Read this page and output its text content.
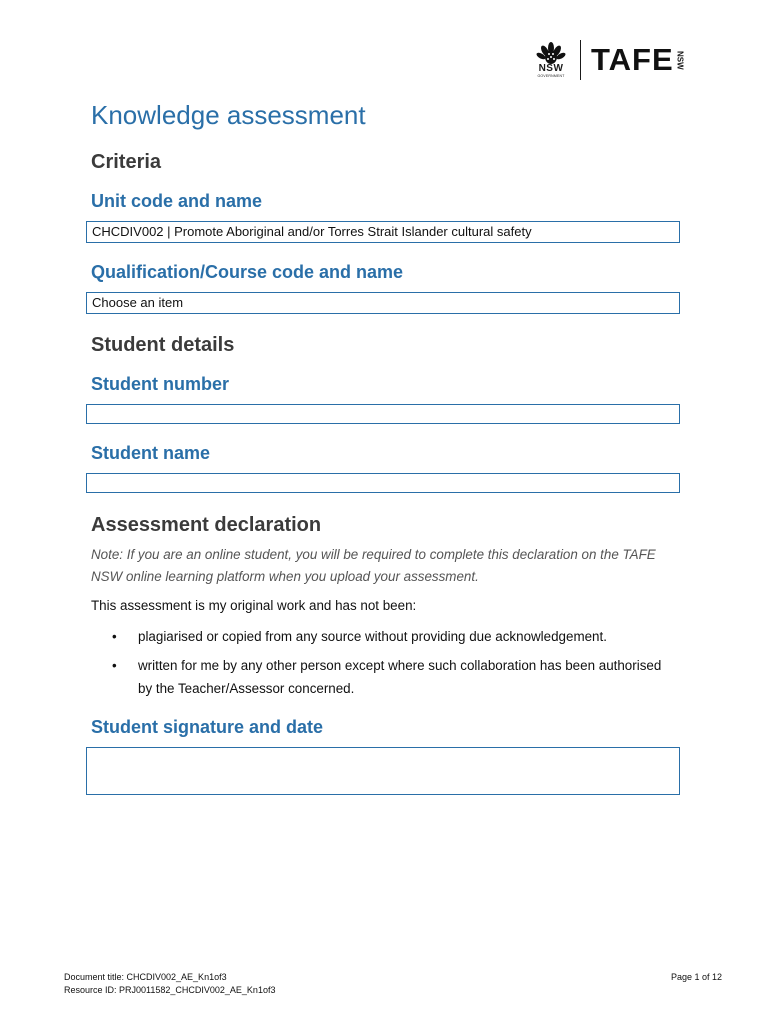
NSW
GOVERNMENT TAFE NSW
Knowledge assessment
Criteria
Unit code and name
CHCDIV002 | Promote Aboriginal and/or Torres Strait Islander cultural safety
Qualification/Course code and name
Choose an item
Student details
Student number
Student name
Assessment declaration

Note: If you are an online student, you will be required to complete this declaration on the TAFE NSW online learning platform when you upload your assessment.

This assessment is my original work and has not been:

•	plagiarised or copied from any source without providing due acknowledgement.
•	written for me by any other person except where such collaboration has been authorised by the Teacher/Assessor concerned.
Student signature and date
Document title: CHCDIV002_AE_Kn1of3
Resource ID: PRJ0011582_CHCDIV002_AE_Kn1of3
Page 1 of 12
